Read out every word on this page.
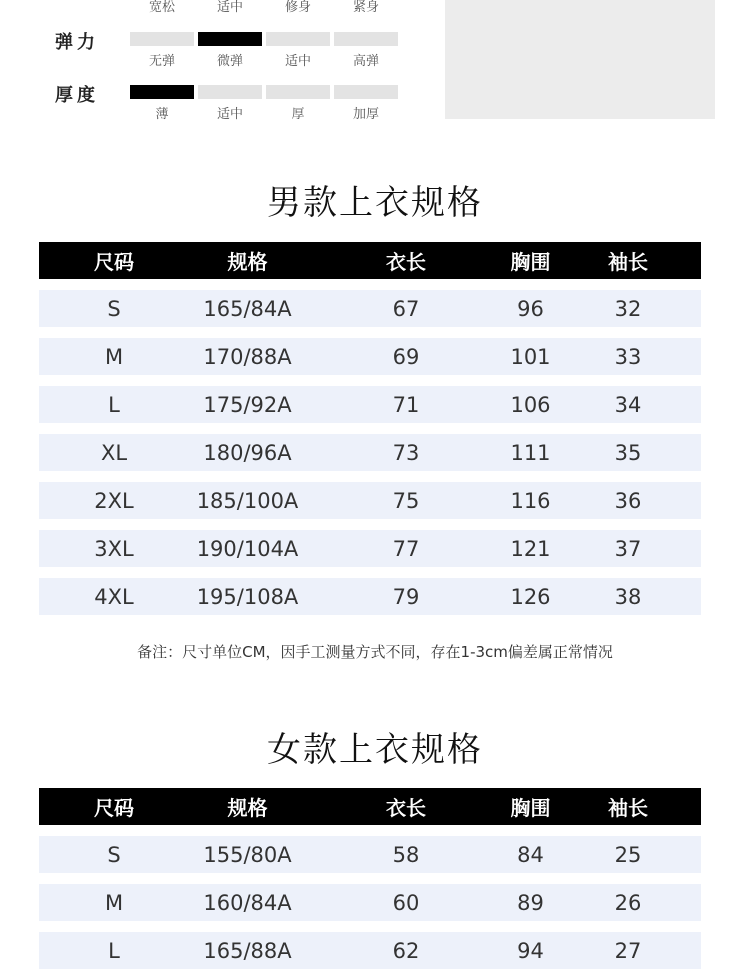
宽松	适中	修身	紧身
弹力
无弹	微弹	适中	高弹
厚度
薄	适中	厚	加厚
男款上衣规格
尺码	规格	衣长	胸围	袖长
S	165/84A	67	96	32
M	170/88A	69	101	33
L	175/92A	71	106	34
XL	180/96A	73	111	35
2XL	185/100A	75	116	36
3XL	190/104A	77	121	37
4XL	195/108A	79	126	38
备注：尺寸单位CM，因手工测量方式不同，存在1-3cm偏差属正常情况
女款上衣规格
尺码	规格	衣长	胸围	袖长
S	155/80A	58	84	25
M	160/84A	60	89	26
L	165/88A	62	94	27
